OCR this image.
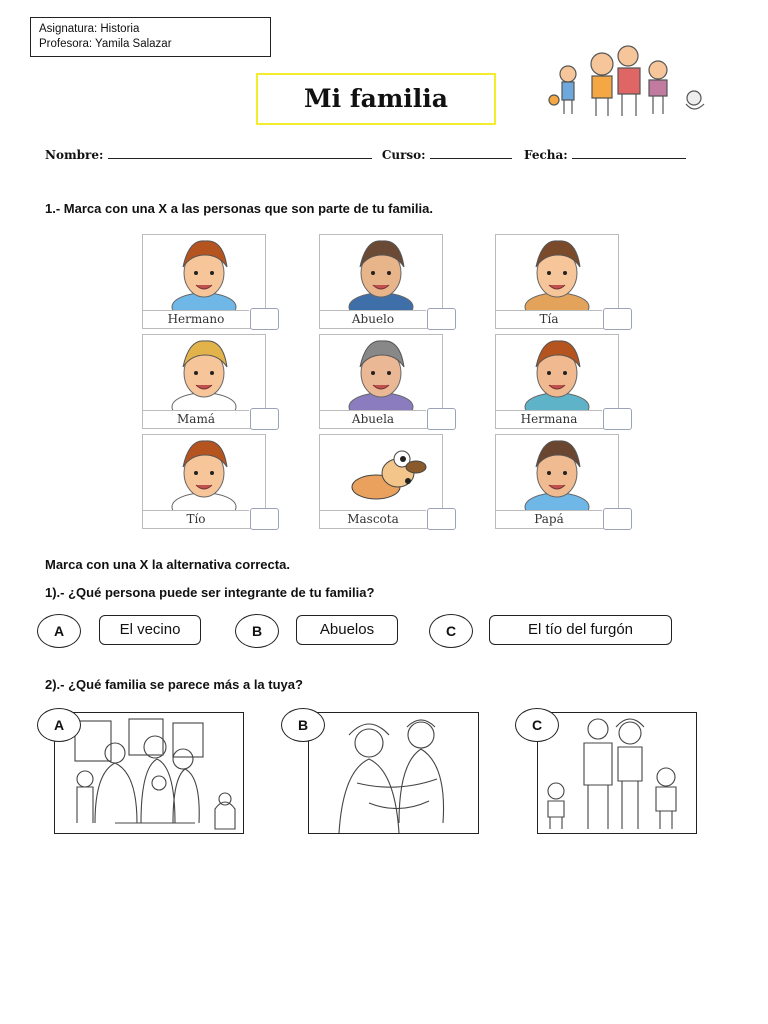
Asignatura: Historia
Profesora: Yamila Salazar
Mi familia
Nombre:	Curso:	Fecha:
1.- Marca con una X a las personas que son parte de tu familia.
Hermano	Abuelo	Tía
Mamá	Abuela	Hermana
Tío	Mascota	Papá
Marca con una X la alternativa correcta.
1).- ¿Qué persona puede ser integrante de tu familia?
A	El vecino	B	Abuelos	C	El tío del furgón
2).- ¿Qué familia se parece más a la tuya?
A	B	C
